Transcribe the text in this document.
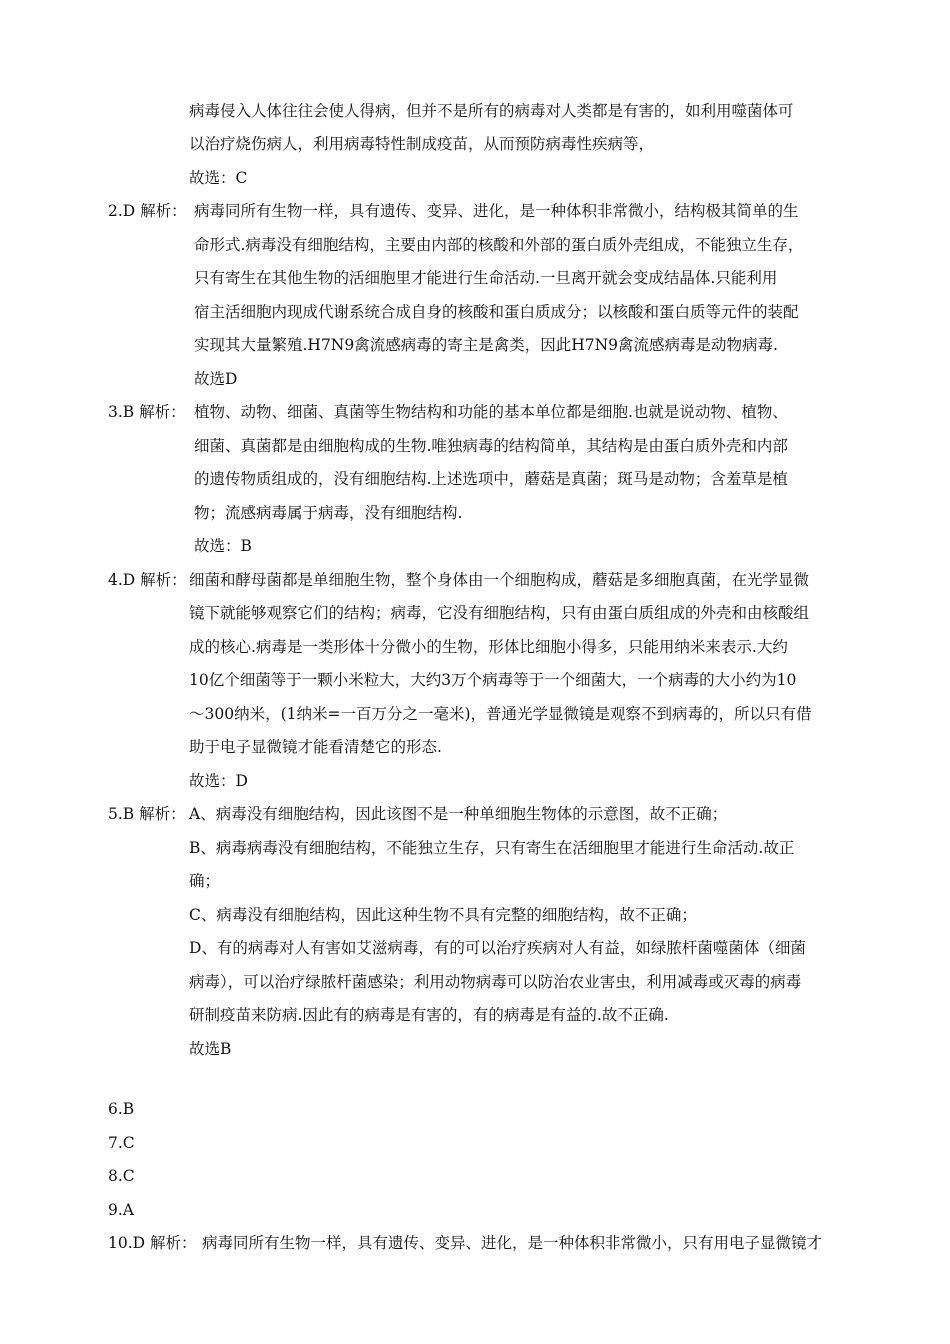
病毒侵入人体往往会使人得病，但并不是所有的病毒对人类都是有害的，如利用噬菌体可
以治疗烧伤病人，利用病毒特性制成疫苗，从而预防病毒性疾病等，
故选：C
2.D 解析： 病毒同所有生物一样，具有遗传、变异、进化，是一种体积非常微小，结构极其简单的生
命形式.病毒没有细胞结构，主要由内部的核酸和外部的蛋白质外壳组成，不能独立生存，
只有寄生在其他生物的活细胞里才能进行生命活动.一旦离开就会变成结晶体.只能利用
宿主活细胞内现成代谢系统合成自身的核酸和蛋白质成分；以核酸和蛋白质等元件的装配
实现其大量繁殖.H7N9禽流感病毒的寄主是禽类，因此H7N9禽流感病毒是动物病毒.
故选D
3.B 解析： 植物、动物、细菌、真菌等生物结构和功能的基本单位都是细胞.也就是说动物、植物、
细菌、真菌都是由细胞构成的生物.唯独病毒的结构简单，其结构是由蛋白质外壳和内部
的遗传物质组成的，没有细胞结构.上述选项中，蘑菇是真菌；斑马是动物；含羞草是植
物；流感病毒属于病毒，没有细胞结构.
故选：B
4.D 解析： 细菌和酵母菌都是单细胞生物，整个身体由一个细胞构成，蘑菇是多细胞真菌，在光学显微
镜下就能够观察它们的结构；病毒，它没有细胞结构，只有由蛋白质组成的外壳和由核酸组
成的核心.病毒是一类形体十分微小的生物，形体比细胞小得多，只能用纳米来表示.大约
10亿个细菌等于一颗小米粒大，大约3万个病毒等于一个细菌大，一个病毒的大小约为10
～300纳米，(1纳米=一百万分之一毫米)，普通光学显微镜是观察不到病毒的，所以只有借
助于电子显微镜才能看清楚它的形态.
故选：D
5.B 解析： A、病毒没有细胞结构，因此该图不是一种单细胞生物体的示意图，故不正确；
B、病毒病毒没有细胞结构，不能独立生存，只有寄生在活细胞里才能进行生命活动.故正
确；
C、病毒没有细胞结构，因此这种生物不具有完整的细胞结构，故不正确；
D、有的病毒对人有害如艾滋病毒，有的可以治疗疾病对人有益，如绿脓杆菌噬菌体（细菌
病毒），可以治疗绿脓杆菌感染；利用动物病毒可以防治农业害虫，利用减毒或灭毒的病毒
研制疫苗来防病.因此有的病毒是有害的，有的病毒是有益的.故不正确.
故选B
6.B
7.C
8.C
9.A
10.D 解析： 病毒同所有生物一样，具有遗传、变异、进化，是一种体积非常微小，只有用电子显微镜才
